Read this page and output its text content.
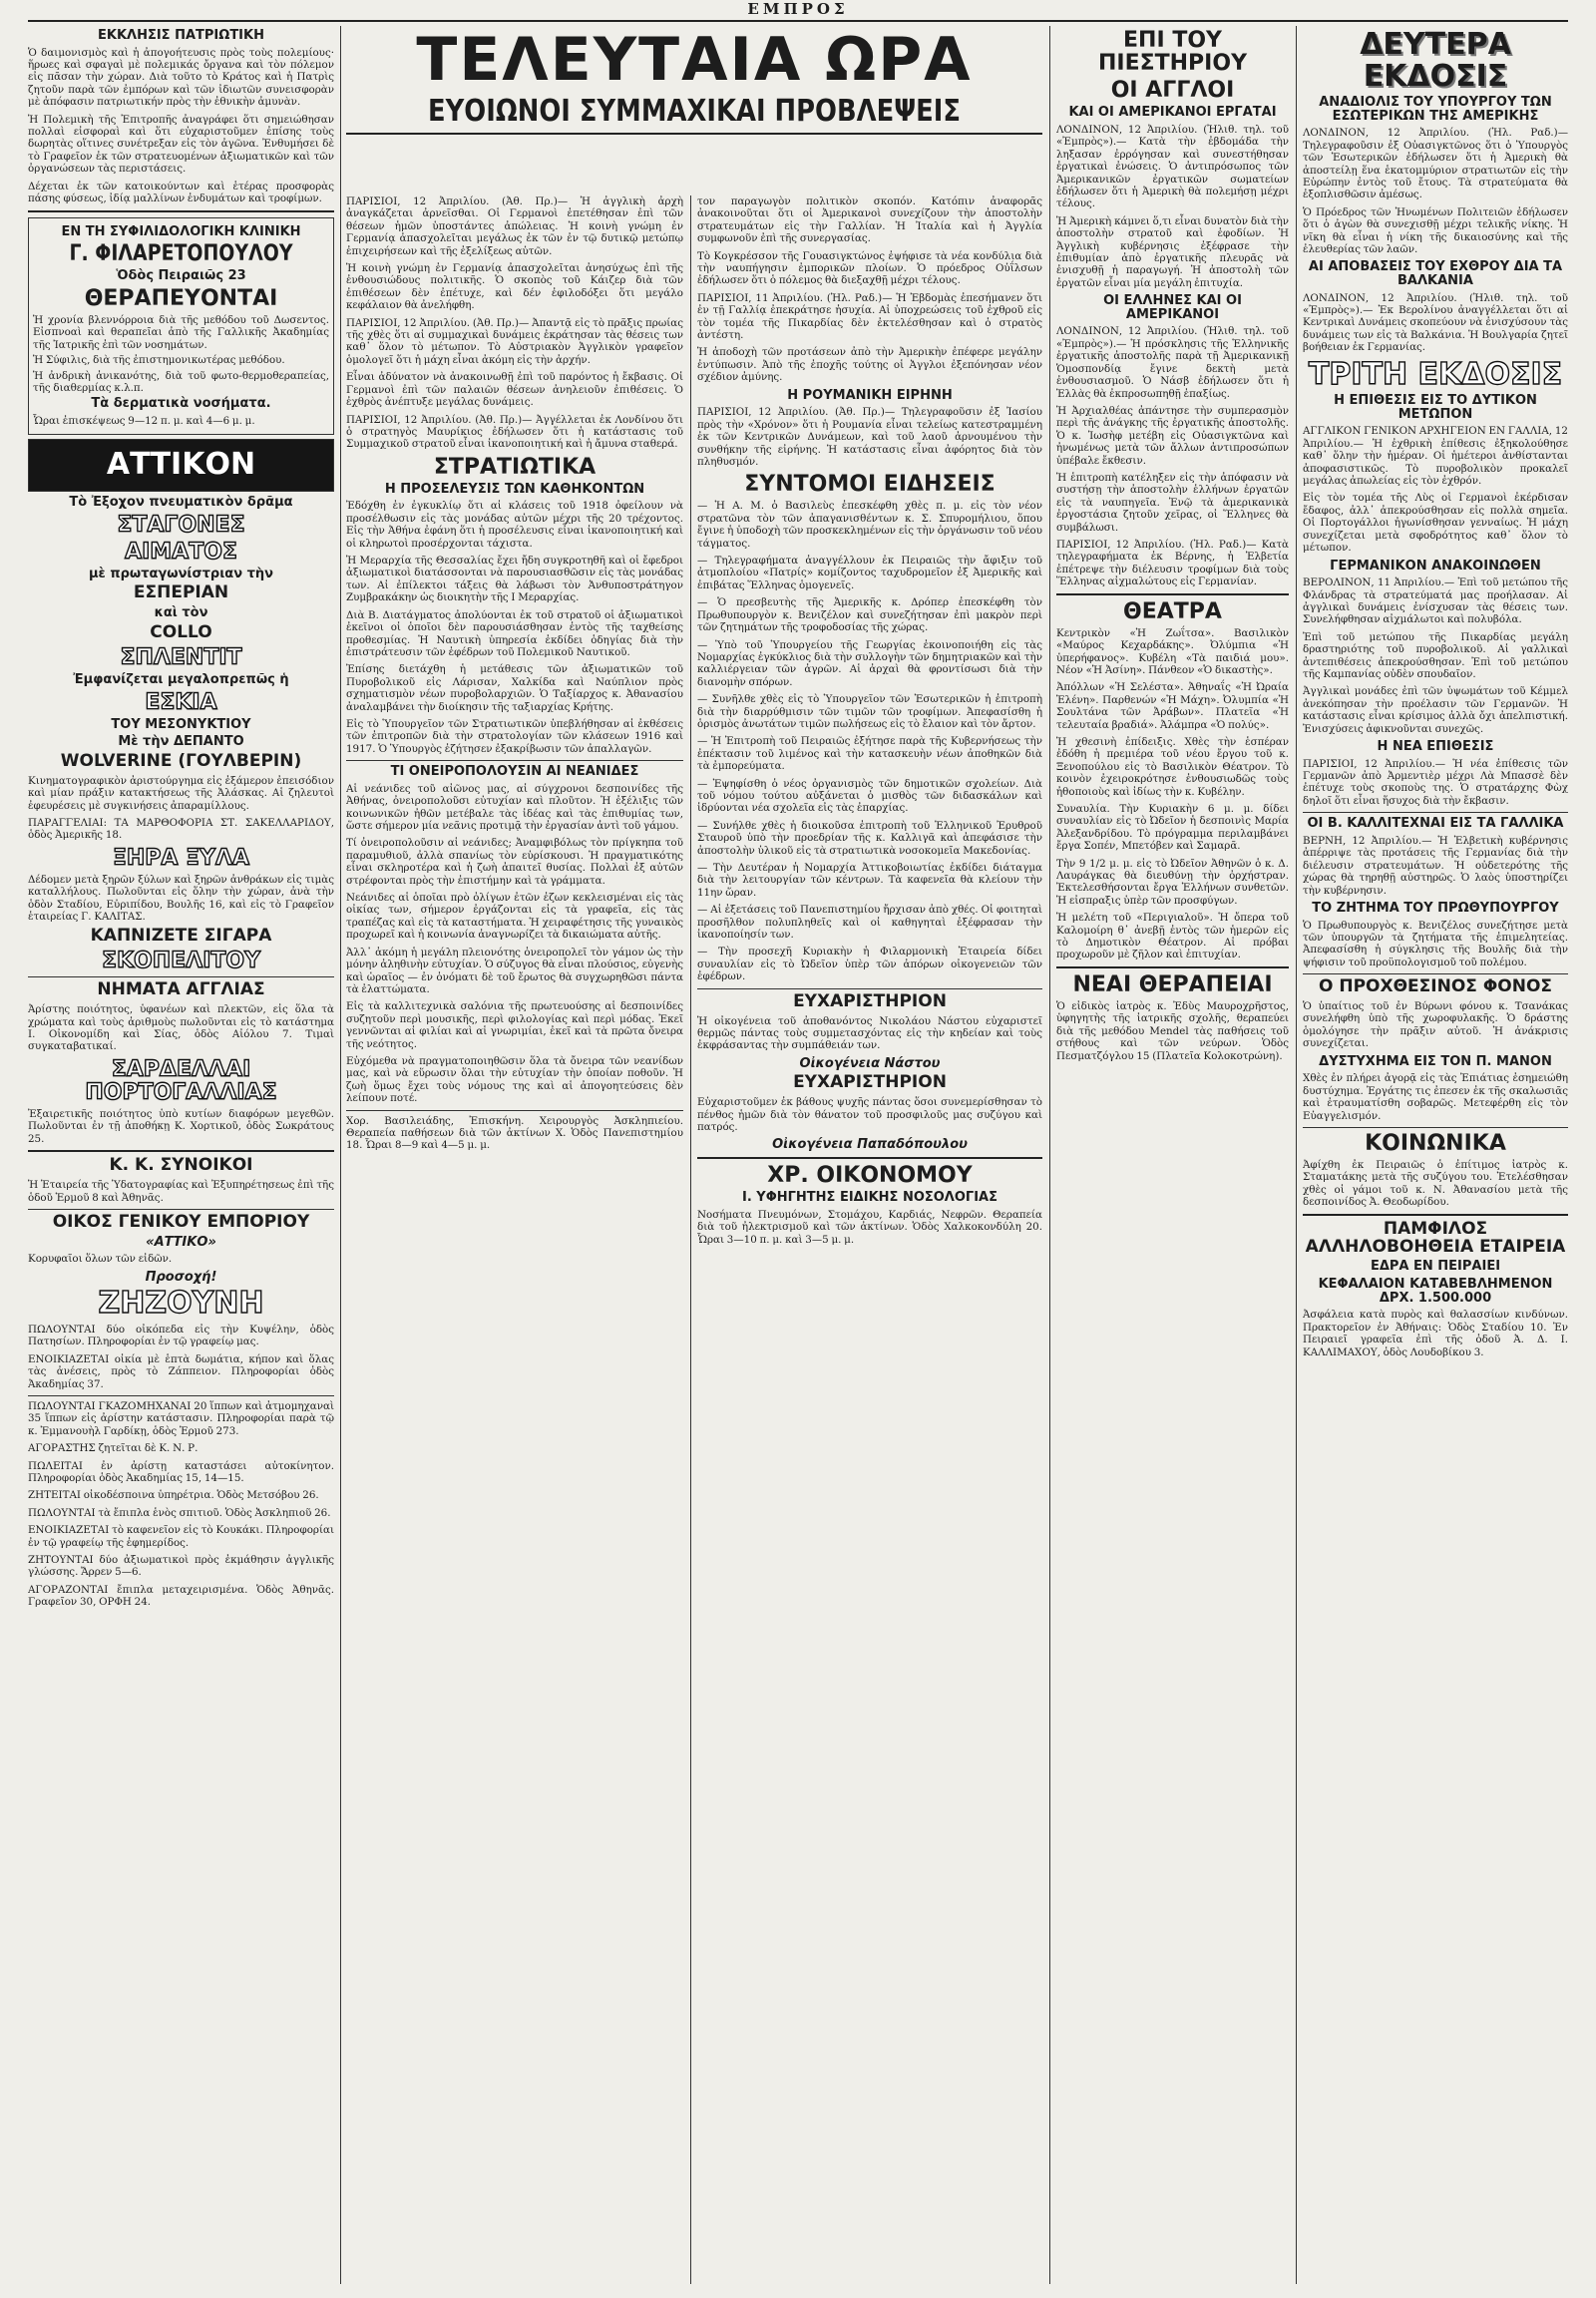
ΕΜΠΡΟΣ
ΕΚΚΛΗΣΙΣ ΠΑΤΡΙΩΤΙΚΗ

Ὁ δαιμονισμὸς καὶ ἡ ἀπογοήτευσις πρὸς τοὺς πολεμίους· ἥρωες καὶ σφαγαὶ μὲ πολεμικάς ὄργανα καὶ τὸν πόλεμον εἰς πᾶσαν τὴν χώραν. Διὰ τοῦτο τὸ Κράτος καὶ ἡ Πατρὶς ζητοῦν παρὰ τῶν ἐμπόρων καὶ τῶν ἰδιωτῶν συνεισφορὰν μὲ ἀπόφασιν πατριωτικήν πρὸς τὴν ἐθνικὴν ἀμυνὰν.

Ἡ Πολεμικὴ τῆς Ἐπιτροπῆς ἀναγράφει ὅτι σημειώθησαν πολλαὶ εἰσφοραὶ καὶ ὅτι εὐχαριστοῦμεν ἐπίσης τοὺς δωρητὰς οἵτινες συνέτρεξαν εἰς τὸν ἀγῶνα. Ἐνθυμήσει δὲ τὸ Γραφεῖον ἐκ τῶν στρατευομένων ἀξιωματικῶν καὶ τῶν ὀργανώσεων τὰς περιστάσεις.

Δέχεται ἐκ τῶν κατοικούντων καὶ ἑτέρας προσφορὰς πάσης φύσεως, ἰδίᾳ μαλλίνων ἐνδυμάτων καὶ τροφίμων.

ΕΝ ΤΗ ΣΥΦΙΛΙΔΟΛΟΓΙΚΗ ΚΛΙΝΙΚΗ
Γ. ΦΙΛΑΡΕΤΟΠΟΥΛΟΥ
Ὁδὸς Πειραιῶς 23
ΘΕΡΑΠΕΥΟΝΤΑΙ

Ἡ χρονία βλεννόρροια διὰ τῆς μεθόδου τοῦ Δωσεντος. Εἰσπνοαὶ καὶ θεραπεῖαι ἀπὸ τῆς Γαλλικῆς Ἀκαδημίας τῆς Ἰατρικῆς ἐπὶ τῶν νοσημάτων.

Ἡ Σύφιλις, διὰ τῆς ἐπιστημονικωτέρας μεθόδου.

Ἡ ἀνδρικὴ ἀνικανότης, διὰ τοῦ φωτο-θερμοθεραπείας, τῆς διαθερμίας κ.λ.π.

Τὰ δερματικὰ νοσήματα.

Ὧραι ἐπισκέψεως 9—12 π. μ. καὶ 4—6 μ. μ.

ΑΤΤΙΚΟΝ
Τὸ Ἐξοχον πνευματικὸν δρᾶμα
ΣΤΑΓΟΝΕΣ
ΑΙΜΑΤΟΣ
μὲ πρωταγωνίστριαν τὴν
ΕΣΠΕΡΙΑΝ
καὶ τὸν
COLLO
ΣΠΛΕΝΤΙΤ
Ἐμφανίζεται μεγαλοπρεπῶς ἡ
ΕΣΚΙΑ
ΤΟΥ ΜΕΣΟΝΥΚΤΙΟΥ
Μὲ τὴν ΔΕΠΑΝΤΟ
WOLVERINE (ΓΟΥΛΒΕΡΙΝ)

Κινηματογραφικὸν ἀριστούργημα εἰς ἐξάμερον ἐπεισόδιον καὶ μίαν πράξιν κατακτήσεως τῆς Ἀλάσκας. Αἱ ζηλευτοὶ ἐφευρέσεις μὲ συγκινήσεις ἀπαραμίλλους.

ΠΑΡΑΓΓΕΛΙΑΙ: ΤΑ ΜΑΡΘΟΦΟΡΙΑ ΣΤ. ΣΑΚΕΛΛΑΡΙΔΟΥ, ὁδὸς Ἀμερικῆς 18.

ΞΗΡΑ ΞΥΛΑ

Δέδομεν μετὰ ξηρῶν ξύλων καὶ ξηρῶν ἀνθράκων εἰς τιμὰς καταλλήλους. Πωλοῦνται εἰς ὅλην τὴν χώραν, ἀνὰ τὴν ὁδὸν Σταδίου, Εὐριπίδου, Βουλῆς 16, καὶ εἰς τὸ Γραφεῖον ἑταιρείας Γ. ΚΑΛΙΤΑΣ.

ΚΑΠΝΙΖΕΤΕ ΣΙΓΑΡΑ
ΣΚΟΠΕΛΙΤΟΥ
ΝΗΜΑΤΑ ΑΓΓΛΙΑΣ

Ἀρίστης ποιότητος, ὑφανέων καὶ πλεκτῶν, εἰς ὅλα τὰ χρώματα καὶ τοὺς ἀριθμοὺς πωλοῦνται εἰς τὸ κατάστημα Ι. Οἰκονομίδη καὶ Σίας, ὁδὸς Αἰόλου 7. Τιμαὶ συγκαταβατικαί.

ΣΑΡΔΕΛΛΑΙ ΠΟΡΤΟΓΑΛΛΙΑΣ

Ἐξαιρετικῆς ποιότητος ὑπὸ κυτίων διαφόρων μεγεθῶν. Πωλοῦνται ἐν τῇ ἀποθήκῃ Κ. Χορτικοῦ, ὁδὸς Σωκράτους 25.

Κ. Κ. ΣΥΝΟΙΚΟΙ

Ἡ Ἑταιρεία τῆς Ὑδατογραφίας καὶ Ἐξυπηρέτησεως ἐπὶ τῆς ὁδοῦ Ἑρμοῦ 8 καὶ Ἀθηνᾶς.

ΟΙΚΟΣ ΓΕΝΙΚΟΥ ΕΜΠΟΡΙΟΥ
«ΑΤΤΙΚΟ»

Κορυφαῖοι ὅλων τῶν εἰδῶν.

Προσοχή!
ΖΗΖΟΥΝΗ

ΠΩΛΟΥΝΤΑΙ δύο οἰκόπεδα εἰς τὴν Κυψέλην, ὁδὸς Πατησίων. Πληροφορίαι ἐν τῷ γραφείῳ μας.

ΕΝΟΙΚΙΑΖΕΤΑΙ οἰκία μὲ ἑπτὰ δωμάτια, κήπον καὶ ὅλας τὰς ἀνέσεις, πρὸς τὸ Ζάππειον. Πληροφορίαι ὁδὸς Ἀκαδημίας 37.

ΠΩΛΟΥΝΤΑΙ ΓΚΑΖΟΜΗΧΑΝΑΙ 20 ἵππων καὶ ἀτμομηχαναὶ 35 ἵππων εἰς ἀρίστην κατάστασιν. Πληροφορίαι παρὰ τῷ κ. Ἐμμανουὴλ Γαρδίκῃ, ὁδὸς Ἑρμοῦ 273.

ΑΓΟΡΑΣΤΗΣ ζητεῖται δὲ Κ. Ν. Ρ.

ΠΩΛΕΙΤΑΙ ἐν ἀρίστῃ καταστάσει αὐτοκίνητον. Πληροφορίαι ὁδὸς Ἀκαδημίας 15, 14—15.

ΖΗΤΕΙΤΑΙ οἰκοδέσποινα ὑπηρέτρια. Ὁδὸς Μετσόβου 26.

ΠΩΛΟΥΝΤΑΙ τὰ ἔπιπλα ἑνὸς σπιτιοῦ. Ὁδὸς Ἀσκληπιοῦ 26.

ΕΝΟΙΚΙΑΖΕΤΑΙ τὸ καφενεῖον εἰς τὸ Κουκάκι. Πληροφορίαι ἐν τῷ γραφείῳ τῆς ἐφημερίδος.

ΖΗΤΟΥΝΤΑΙ δύο ἀξιωματικοὶ πρὸς ἐκμάθησιν ἀγγλικῆς γλώσσης. Ἄρρεν 5—6.

ΑΓΟΡΑΖΟΝΤΑΙ ἔπιπλα μεταχειρισμένα. Ὁδὸς Ἀθηνᾶς. Γραφεῖον 30, ΟΡΦΗ 24.

ΤΕΛΕΥΤΑΙΑ ΩΡΑ
ΕΥΟΙΩΝΟΙ ΣΥΜΜΑΧΙΚΑΙ ΠΡΟΒΛΕΨΕΙΣ

ΠΑΡΙΣΙΟΙ, 12 Ἀπριλίου. (Ἀθ. Πρ.)— Ἡ ἀγγλικὴ ἀρχὴ ἀναγκάζεται ἀρνεῖσθαι. Οἱ Γερμανοὶ ἐπετέθησαν ἐπὶ τῶν θέσεων ἡμῶν ὑποστάντες ἀπώλειας. Ἡ κοινὴ γνώμη ἐν Γερμανίᾳ ἀπασχολεῖται μεγάλως ἐκ τῶν ἐν τῷ δυτικῷ μετώπῳ ἐπιχειρήσεων καὶ τῆς ἐξελίξεως αὐτῶν.

Ἡ κοινὴ γνώμη ἐν Γερμανίᾳ ἀπασχολεῖται ἀνησύχως ἐπὶ τῆς ἐνθουσιώδους πολιτικῆς. Ὁ σκοπὸς τοῦ Κάιζερ διὰ τῶν ἐπιθέσεων δὲν ἐπέτυχε, καὶ δέν ἐφιλοδόξει ὅτι μεγάλο κεφάλαιον θὰ ἀνελήφθη.

ΠΑΡΙΣΙΟΙ, 12 Ἀπριλίου. (Ἀθ. Πρ.)— Ἀπαντᾷ εἰς τὸ πρᾶξις πρωίας τῆς χθὲς ὅτι αἱ συμμαχικαὶ δυνάμεις ἐκράτησαν τὰς θέσεις των καθ᾽ ὅλον τὸ μέτωπον. Τὸ Αὐστριακὸν Ἀγγλικὸν γραφεῖον ὁμολογεῖ ὅτι ἡ μάχη εἶναι ἀκόμη εἰς τὴν ἀρχήν.

Εἶναι ἀδύνατον νὰ ἀνακοινωθῇ ἐπὶ τοῦ παρόντος ἡ ἔκβασις. Οἱ Γερμανοὶ ἐπὶ τῶν παλαιῶν θέσεων ἀνηλειοῦν ἐπιθέσεις. Ὁ ἐχθρὸς ἀνέπτυξε μεγάλας δυνάμεις.

ΠΑΡΙΣΙΟΙ, 12 Ἀπριλίου. (Ἀθ. Πρ.)— Ἀγγέλλεται ἐκ Λονδίνου ὅτι ὁ στρατηγὸς Μαυρίκιος ἐδήλωσεν ὅτι ἡ κατάστασις τοῦ Συμμαχικοῦ στρατοῦ εἶναι ἱκανοποιητική καὶ ἡ ἄμυνα σταθερά.

ΣΤΡΑΤΙΩΤΙΚΑ
Η ΠΡΟΣΕΛΕΥΣΙΣ ΤΩΝ ΚΑΘΗΚΟΝΤΩΝ

Ἐδόχθη ἐν ἐγκυκλίῳ ὅτι αἱ κλάσεις τοῦ 1918 ὀφείλουν νὰ προσέλθωσιν εἰς τὰς μονάδας αὐτῶν μέχρι τῆς 20 τρέχοντος. Εἰς τὴν Ἀθήνα ἐφάνη ὅτι ἡ προσέλευσις εἶναι ἱκανοποιητική καὶ οἱ κληρωτοὶ προσέρχονται τάχιστα.

Ἡ Μεραρχία τῆς Θεσσαλίας ἔχει ἤδη συγκροτηθῆ καὶ οἱ ἔφεδροι ἀξιωματικοὶ διατάσσονται νὰ παρουσιασθῶσιν εἰς τὰς μονάδας των. Αἱ ἐπίλεκτοι τάξεις θὰ λάβωσι τὸν Ἀνθυποστράτηγον Ζυμβρακάκην ὡς διοικητὴν τῆς Ι Μεραρχίας.

Διὰ Β. Διατάγματος ἀπολύονται ἐκ τοῦ στρατοῦ οἱ ἀξιωματικοὶ ἐκεῖνοι οἱ ὁποῖοι δὲν παρουσιάσθησαν ἐντὸς τῆς ταχθείσης προθεσμίας. Ἡ Ναυτικὴ ὑπηρεσία ἐκδίδει ὁδηγίας διὰ τὴν ἐπιστράτευσιν τῶν ἐφέδρων τοῦ Πολεμικοῦ Ναυτικοῦ.

Ἐπίσης διετάχθη ἡ μετάθεσις τῶν ἀξιωματικῶν τοῦ Πυροβολικοῦ εἰς Λάρισαν, Χαλκίδα καὶ Ναύπλιον πρὸς σχηματισμὸν νέων πυροβολαρχιῶν. Ὁ Ταξίαρχος κ. Ἀθανασίου ἀναλαμβάνει τὴν διοίκησιν τῆς ταξιαρχίας Κρήτης.

Εἰς τὸ Ὑπουργεῖον τῶν Στρατιωτικῶν ὑπεβλήθησαν αἱ ἐκθέσεις τῶν ἐπιτροπῶν διὰ τὴν στρατολογίαν τῶν κλάσεων 1916 καὶ 1917. Ὁ Ὑπουργὸς ἐζήτησεν ἐξακρίβωσιν τῶν ἀπαλλαγῶν.

ΤΙ ΟΝΕΙΡΟΠΟΛΟΥΣΙΝ ΑΙ ΝΕΑΝΙΔΕΣ

Αἱ νεάνιδες τοῦ αἰῶνος μας, αἱ σύγχρονοι δεσποινίδες τῆς Ἀθήνας, ὀνειροπολοῦσι εὐτυχίαν καὶ πλοῦτον. Ἡ ἐξέλιξις τῶν κοινωνικῶν ἠθῶν μετέβαλε τὰς ἰδέας καὶ τὰς ἐπιθυμίας των, ὥστε σήμερον μία νεᾶνις προτιμᾷ τὴν ἐργασίαν ἀντὶ τοῦ γάμου.

Τί ὀνειροπολοῦσιν αἱ νεάνιδες; Ἀναμφιβόλως τὸν πρίγκηπα τοῦ παραμυθιοῦ, ἀλλὰ σπανίως τὸν εὑρίσκουσι. Ἡ πραγματικότης εἶναι σκληροτέρα καὶ ἡ ζωὴ ἀπαιτεῖ θυσίας. Πολλαὶ ἐξ αὐτῶν στρέφονται πρὸς τὴν ἐπιστήμην καὶ τὰ γράμματα.

Νεάνιδες αἱ ὁποῖαι πρὸ ὀλίγων ἐτῶν ἐζων κεκλεισμέναι εἰς τὰς οἰκίας των, σήμερον ἐργάζονται εἰς τὰ γραφεῖα, εἰς τὰς τραπέζας καὶ εἰς τὰ καταστήματα. Ἡ χειραφέτησις τῆς γυναικὸς προχωρεῖ καὶ ἡ κοινωνία ἀναγνωρίζει τὰ δικαιώματα αὐτῆς.

Ἀλλ᾽ ἀκόμη ἡ μεγάλη πλειονότης ὀνειροπολεῖ τὸν γάμον ὡς τὴν μόνην ἀληθινὴν εὐτυχίαν. Ὁ σύζυγος θὰ εἶναι πλούσιος, εὐγενὴς καὶ ὡραῖος — ἐν ὀνόματι δὲ τοῦ ἔρωτος θὰ συγχωρηθῶσι πάντα τὰ ἐλαττώματα.

Εἰς τὰ καλλιτεχνικὰ σαλόνια τῆς πρωτευούσης αἱ δεσποινίδες συζητοῦν περὶ μουσικῆς, περὶ φιλολογίας καὶ περὶ μόδας. Ἐκεῖ γεννῶνται αἱ φιλίαι καὶ αἱ γνωριμίαι, ἐκεῖ καὶ τὰ πρῶτα ὄνειρα τῆς νεότητος.

Εὐχόμεθα νὰ πραγματοποιηθῶσιν ὅλα τὰ ὄνειρα τῶν νεανίδων μας, καὶ νὰ εὕρωσιν ὅλαι τὴν εὐτυχίαν τὴν ὁποίαν ποθοῦν. Ἡ ζωὴ ὅμως ἔχει τοὺς νόμους της καὶ αἱ ἀπογοητεύσεις δὲν λείπουν ποτέ.

Χορ. Βασιλειάδης, Ἐπισκήνη. Χειρουργὸς Ἀσκληπιείου. Θεραπεία παθήσεων διὰ τῶν ἀκτίνων Χ. Ὁδὸς Πανεπιστημίου 18. Ὧραι 8—9 καὶ 4—5 μ. μ.

τον παραγωγὸν πολιτικὸν σκοπόν. Κατόπιν ἀναφορᾶς ἀνακοινοῦται ὅτι οἱ Ἀμερικανοὶ συνεχίζουν τὴν ἀποστολὴν στρατευμάτων εἰς τὴν Γαλλίαν. Ἡ Ἰταλία καὶ ἡ Ἀγγλία συμφωνοῦν ἐπὶ τῆς συνεργασίας.

Τὸ Κογκρέσσον τῆς Γουασιγκτώνος ἐψήφισε τὰ νέα κονδύλια διὰ τὴν ναυπήγησιν ἐμπορικῶν πλοίων. Ὁ πρόεδρος Οὐΐλσων ἐδήλωσεν ὅτι ὁ πόλεμος θὰ διεξαχθῇ μέχρι τέλους.

ΠΑΡΙΣΙΟΙ, 11 Ἀπριλίου. (Ἠλ. Ραδ.)— Ἡ Ἐβδομὰς ἐπεσήμανεν ὅτι ἐν τῇ Γαλλίᾳ ἐπεκράτησε ἠσυχία. Αἱ ὑποχρεώσεις τοῦ ἐχθροῦ εἰς τὸν τομέα τῆς Πικαρδίας δὲν ἐκτελέσθησαν καὶ ὁ στρατὸς ἀντέστη.

Ἡ ἀποδοχὴ τῶν προτάσεων ἀπὸ τὴν Ἀμερικὴν ἐπέφερε μεγάλην ἐντύπωσιν. Ἀπὸ τῆς ἐποχῆς τούτης οἱ Ἀγγλοι ἐξεπόνησαν νέον σχέδιον ἀμύνης.

Η ΡΟΥΜΑΝΙΚΗ ΕΙΡΗΝΗ

ΠΑΡΙΣΙΟΙ, 12 Ἀπριλίου. (Ἀθ. Πρ.)— Τηλεγραφοῦσιν ἐξ Ἰασίου πρὸς τὴν «Χρόνον» ὅτι ἡ Ρουμανία εἶναι τελείως κατεστραμμένη ἐκ τῶν Κεντρικῶν Δυνάμεων, καὶ τοῦ λαοῦ ἀρνουμένου τὴν συνθήκην τῆς εἰρήνης. Ἡ κατάστασις εἶναι ἀφόρητος διὰ τὸν πληθυσμόν.

ΣΥΝΤΟΜΟΙ ΕΙΔΗΣΕΙΣ

— Ἡ Α. Μ. ὁ Βασιλεὺς ἐπεσκέφθη χθὲς π. μ. εἰς τὸν νέον στρατῶνα τὸν τῶν ἀπαγανισθέντων κ. Σ. Σπυρομήλιου, ὅπου ἔγινε ἡ ὑποδοχὴ τῶν προσκεκλημένων εἰς τὴν ὀργάνωσιν τοῦ νέου τάγματος.

— Τηλεγραφήματα ἀναγγέλλουν ἐκ Πειραιῶς τὴν ἄφιξιν τοῦ ἀτμοπλοίου «Πατρίς» κομίζοντος ταχυδρομεῖον ἐξ Ἀμερικῆς καὶ ἐπιβάτας Ἕλληνας ὁμογενεῖς.

— Ὁ πρεσβευτὴς τῆς Ἀμερικῆς κ. Δρόπερ ἐπεσκέφθη τὸν Πρωθυπουργὸν κ. Βενιζέλον καὶ συνεζήτησαν ἐπὶ μακρὸν περὶ τῶν ζητημάτων τῆς τροφοδοσίας τῆς χώρας.

— Ὑπὸ τοῦ Ὑπουργείου τῆς Γεωργίας ἐκοινοποιήθη εἰς τὰς Νομαρχίας ἐγκύκλιος διὰ τὴν συλλογὴν τῶν δημητριακῶν καὶ τὴν καλλιέργειαν τῶν ἀγρῶν. Αἱ ἀρχαὶ θὰ φροντίσωσι διὰ τὴν διανομὴν σπόρων.

— Συνῆλθε χθὲς εἰς τὸ Ὑπουργεῖον τῶν Ἐσωτερικῶν ἡ ἐπιτροπὴ διὰ τὴν διαρρύθμισιν τῶν τιμῶν τῶν τροφίμων. Ἀπεφασίσθη ἡ ὁρισμὸς ἀνωτάτων τιμῶν πωλήσεως εἰς τὸ ἔλαιον καὶ τὸν ἄρτον.

— Ἡ Ἐπιτροπὴ τοῦ Πειραιῶς ἐξήτησε παρὰ τῆς Κυβερνήσεως τὴν ἐπέκτασιν τοῦ λιμένος καὶ τὴν κατασκευὴν νέων ἀποθηκῶν διὰ τὰ ἐμπορεύματα.

— Ἐψηφίσθη ὁ νέος ὀργανισμὸς τῶν δημοτικῶν σχολείων. Διὰ τοῦ νόμου τούτου αὐξάνεται ὁ μισθὸς τῶν διδασκάλων καὶ ἱδρύονται νέα σχολεῖα εἰς τὰς ἐπαρχίας.

— Συνήλθε χθὲς ἡ διοικοῦσα ἐπιτροπὴ τοῦ Ἑλληνικοῦ Ἐρυθροῦ Σταυροῦ ὑπὸ τὴν προεδρίαν τῆς κ. Καλλιγᾶ καὶ ἀπεφάσισε τὴν ἀποστολὴν ὑλικοῦ εἰς τὰ στρατιωτικὰ νοσοκομεῖα Μακεδονίας.

— Τὴν Δευτέραν ἡ Νομαρχία Ἀττικοβοιωτίας ἐκδίδει διάταγμα διὰ τὴν λειτουργίαν τῶν κέντρων. Τὰ καφενεῖα θὰ κλείουν τὴν 11ην ὥραν.

— Αἱ ἐξετάσεις τοῦ Πανεπιστημίου ἤρχισαν ἀπὸ χθές. Οἱ φοιτηταὶ προσῆλθον πολυπληθεῖς καὶ οἱ καθηγηταὶ ἐξέφρασαν τὴν ἱκανοποίησίν των.

— Τὴν προσεχῆ Κυριακὴν ἡ Φιλαρμονικὴ Ἑταιρεία δίδει συναυλίαν εἰς τὸ Ὠδεῖον ὑπὲρ τῶν ἀπόρων οἰκογενειῶν τῶν ἐφέδρων.

ΕΥΧΑΡΙΣΤΗΡΙΟΝ

Ἡ οἰκογένεια τοῦ ἀποθανόντος Νικολάου Νάστου εὐχαριστεῖ θερμῶς πάντας τοὺς συμμετασχόντας εἰς τὴν κηδείαν καὶ τοὺς ἐκφράσαντας τὴν συμπάθειάν των.

Οἰκογένεια Νάστου
ΕΥΧΑΡΙΣΤΗΡΙΟΝ

Εὐχαριστοῦμεν ἐκ βάθους ψυχῆς πάντας ὅσοι συνεμερίσθησαν τὸ πένθος ἡμῶν διὰ τὸν θάνατον τοῦ προσφιλοῦς μας συζύγου καὶ πατρός.

Οἰκογένεια Παπαδόπουλου
ΧΡ. ΟΙΚΟΝΟΜΟΥ
Ι. ΥΦΗΓΗΤΗΣ ΕΙΔΙΚΗΣ ΝΟΣΟΛΟΓΙΑΣ

Νοσήματα Πνευμόνων, Στομάχου, Καρδιάς, Νεφρῶν. Θεραπεία διὰ τοῦ ἠλεκτρισμοῦ καὶ τῶν ἀκτίνων. Ὁδὸς Χαλκοκονδύλη 20. Ὧραι 3—10 π. μ. καὶ 3—5 μ. μ.

ΕΠΙ ΤΟΥ ΠΙΕΣΤΗΡΙΟΥ
ΟΙ ΑΓΓΛΟΙ
ΚΑΙ ΟΙ ΑΜΕΡΙΚΑΝΟΙ ΕΡΓΑΤΑΙ

ΛΟΝΔΙΝΟΝ, 12 Ἀπριλίου. (Ἠλιθ. τηλ. τοῦ «Ἐμπρὸς»).— Κατὰ τὴν ἐβδομάδα τὴν ληξασαν ἐρρόγησαν καὶ συνεστήθησαν ἐργατικαὶ ἐνώσεις. Ὁ ἀντιπρόσωπος τῶν Ἀμερικανικῶν ἐργατικῶν σωματείων ἐδήλωσεν ὅτι ἡ Ἀμερικὴ θὰ πολεμήσῃ μέχρι τέλους.

Ἡ Ἀμερικὴ κάμνει ὅ,τι εἶναι δυνατὸν διὰ τὴν ἀποστολὴν στρατοῦ καὶ ἐφοδίων. Ἡ Ἀγγλικὴ κυβέρνησις ἐξέφρασε τὴν ἐπιθυμίαν ἀπὸ ἐργατικῆς πλευρᾶς νὰ ἐνισχυθῇ ἡ παραγωγή. Ἡ ἀποστολὴ τῶν ἐργατῶν εἶναι μία μεγάλη ἐπιτυχία.

ΟΙ ΕΛΛΗΝΕΣ ΚΑΙ ΟΙ ΑΜΕΡΙΚΑΝΟΙ

ΛΟΝΔΙΝΟΝ, 12 Ἀπριλίου. (Ἠλιθ. τηλ. τοῦ «Ἐμπρὸς»).— Ἡ πρόσκλησις τῆς Ἑλληνικῆς ἐργατικῆς ἀποστολῆς παρὰ τῇ Ἀμερικανικῇ Ὁμοσπονδίᾳ ἔγινε δεκτὴ μετὰ ἐνθουσιασμοῦ. Ὁ Νάσβ ἐδήλωσεν ὅτι ἡ Ἑλλὰς θὰ ἐκπροσωπηθῇ ἐπαξίως.

Ἡ Ἀρχιαλθέας ἀπάντησε τὴν συμπερασμὸν περὶ τῆς ἀνάγκης τῆς ἐργατικῆς ἀποστολῆς. Ὁ κ. Ἰωσὴφ μετέβη εἰς Οὐασιγκτῶνα καὶ ἠνωμένως μετὰ τῶν ἄλλων ἀντιπροσώπων ὑπέβαλε ἔκθεσιν.

Ἡ ἑπιτροπὴ κατέληξεν εἰς τὴν ἀπόφασιν νὰ συστήσῃ τὴν ἀποστολὴν ἑλλήνων ἐργατῶν εἰς τὰ ναυπηγεῖα. Ἐνῷ τὰ ἀμερικανικὰ ἐργοστάσια ζητοῦν χεῖρας, οἱ Ἕλληνες θὰ συμβάλωσι.

ΠΑΡΙΣΙΟΙ, 12 Ἀπριλίου. (Ἠλ. Ραδ.)— Κατὰ τηλεγραφήματα ἐκ Βέρνης, ἡ Ἑλβετία ἐπέτρεψε τὴν διέλευσιν τροφίμων διὰ τοὺς Ἕλληνας αἰχμαλώτους εἰς Γερμανίαν.

ΘΕΑΤΡΑ

Κεντρικὸν «Ἡ Ζωΐτσα». Βασιλικὸν «Μαύρος Κεχαρδάκης». Ὀλύμπια «Ἡ ὑπερήφανος». Κυβέλη «Τὰ παιδιά μου». Νέον «Ἡ Ἀσίνη». Πάνθεον «Ὁ δικαστὴς».

Ἀπόλλων «Ἡ Σελέστα». Ἀθηναΐς «Ἡ Ὠραία Ἑλένη». Παρθενών «Ἡ Μάχη». Ὀλυμπία «Ἡ Σουλτάνα τῶν Ἀράβων». Πλατεῖα «Ἡ τελευταία βραδιά». Ἀλάμπρα «Ὁ πολύς».

Ἡ χθεσινὴ ἐπίδειξις. Χθὲς τὴν ἑσπέραν ἐδόθη ἡ πρεμιέρα τοῦ νέου ἔργου τοῦ κ. Ξενοπούλου εἰς τὸ Βασιλικὸν Θέατρον. Τὸ κοινὸν ἐχειροκρότησε ἐνθουσιωδῶς τοὺς ἠθοποιοὺς καὶ ἰδίως τὴν κ. Κυβέλην.

Συναυλία. Τὴν Κυριακὴν 6 μ. μ. δίδει συναυλίαν εἰς τὸ Ὠδεῖον ἡ δεσποινὶς Μαρία Ἀλεξανδρίδου. Τὸ πρόγραμμα περιλαμβάνει ἔργα Σοπέν, Μπετόβεν καὶ Σαμαρᾶ.

Τὴν 9 1/2 μ. μ. εἰς τὸ Ὠδεῖον Ἀθηνῶν ὁ κ. Δ. Λαυράγκας θὰ διευθύνῃ τὴν ὀρχήστραν. Ἐκτελεσθήσονται ἔργα Ἑλλήνων συνθετῶν. Ἡ εἰσπραξις ὑπὲρ τῶν προσφύγων.

Ἡ μελέτη τοῦ «Περιγιαλοῦ». Ἡ ὄπερα τοῦ Καλομοίρη θ᾽ ἀνεβῇ ἐντὸς τῶν ἡμερῶν εἰς τὸ Δημοτικὸν Θέατρον. Αἱ πρόβαι προχωροῦν μὲ ζῆλον καὶ ἐπιτυχίαν.

ΝΕΑΙ ΘΕΡΑΠΕΙΑΙ

Ὁ εἰδικὸς ἰατρὸς κ. Ἐδὺς Μαυροχρῆστος, ὑφηγητὴς τῆς ἰατρικῆς σχολῆς, θεραπεύει διὰ τῆς μεθόδου Mendel τὰς παθήσεις τοῦ στήθους καὶ τῶν νεύρων. Ὁδὸς Πεσματζόγλου 15 (Πλατεῖα Κολοκοτρώνη).

ΔΕΥΤΕΡΑ ΕΚΔΟΣΙΣ
ΑΝΑΔΙΟΛΙΣ ΤΟΥ ΥΠΟΥΡΓΟΥ ΤΩΝ ΕΣΩΤΕΡΙΚΩΝ ΤΗΣ ΑΜΕΡΙΚΗΣ

ΛΟΝΔΙΝΟΝ, 12 Ἀπριλίου. (Ἠλ. Ραδ.)— Τηλεγραφοῦσιν ἐξ Οὐασιγκτῶνος ὅτι ὁ Ὑπουργὸς τῶν Ἐσωτερικῶν ἐδήλωσεν ὅτι ἡ Ἀμερικὴ θὰ ἀποστείλῃ ἕνα ἑκατομμύριον στρατιωτῶν εἰς τὴν Εὐρώπην ἐντὸς τοῦ ἔτους. Τὰ στρατεύματα θὰ ἐξοπλισθῶσιν ἀμέσως.

Ὁ Πρόεδρος τῶν Ἡνωμένων Πολιτειῶν ἐδήλωσεν ὅτι ὁ ἀγὼν θὰ συνεχισθῇ μέχρι τελικῆς νίκης. Ἡ νῖκη θὰ εἶναι ἡ νίκη τῆς δικαιοσύνης καὶ τῆς ἐλευθερίας τῶν λαῶν.

ΑΙ ΑΠΟΒΑΣΕΙΣ ΤΟΥ ΕΧΘΡΟΥ ΔΙΑ ΤΑ ΒΑΛΚΑΝΙΑ

ΛΟΝΔΙΝΟΝ, 12 Ἀπριλίου. (Ἠλιθ. τηλ. τοῦ «Ἐμπρὸς»).— Ἐκ Βερολίνου ἀναγγέλλεται ὅτι αἱ Κεντρικαὶ Δυνάμεις σκοπεύουν νὰ ἐνισχύσουν τὰς δυνάμεις των εἰς τὰ Βαλκάνια. Ἡ Βουλγαρία ζητεῖ βοήθειαν ἐκ Γερμανίας.

ΤΡΙΤΗ ΕΚΔΟΣΙΣ
Η ΕΠΙΘΕΣΙΣ ΕΙΣ ΤΟ ΔΥΤΙΚΟΝ ΜΕΤΩΠΟΝ

ΑΓΓΛΙΚΟΝ ΓΕΝΙΚΟΝ ΑΡΧΗΓΕΙΟΝ ΕΝ ΓΑΛΛΙΑ, 12 Ἀπριλίου.— Ἡ ἐχθρικὴ ἐπίθεσις ἐξηκολούθησε καθ᾽ ὅλην τὴν ἡμέραν. Οἱ ἡμέτεροι ἀνθίστανται ἀποφασιστικῶς. Τὸ πυροβολικὸν προκαλεῖ μεγάλας ἀπωλείας εἰς τὸν ἐχθρόν.

Εἰς τὸν τομέα τῆς Λὺς οἱ Γερμανοὶ ἐκέρδισαν ἔδαφος, ἀλλ᾽ ἀπεκρούσθησαν εἰς πολλὰ σημεῖα. Οἱ Πορτογάλλοι ἠγωνίσθησαν γενναίως. Ἡ μάχη συνεχίζεται μετὰ σφοδρότητος καθ᾽ ὅλον τὸ μέτωπον.

ΓΕΡΜΑΝΙΚΟΝ ΑΝΑΚΟΙΝΩΘΕΝ

ΒΕΡΟΛΙΝΟΝ, 11 Ἀπριλίου.— Ἐπὶ τοῦ μετώπου τῆς Φλάνδρας τὰ στρατεύματά μας προήλασαν. Αἱ ἀγγλικαὶ δυνάμεις ἐνίσχυσαν τὰς θέσεις των. Συνελήφθησαν αἰχμάλωτοι καὶ πολυβόλα.

Ἐπὶ τοῦ μετώπου τῆς Πικαρδίας μεγάλη δραστηριότης τοῦ πυροβολικοῦ. Αἱ γαλλικαὶ ἀντεπιθέσεις ἀπεκρούσθησαν. Ἐπὶ τοῦ μετώπου τῆς Καμπανίας οὐδὲν σπουδαῖον.

Ἀγγλικαὶ μονάδες ἐπὶ τῶν ὑψωμάτων τοῦ Κέμμελ ἀνεκόπησαν τὴν προέλασιν τῶν Γερμανῶν. Ἡ κατάστασις εἶναι κρίσιμος ἀλλὰ ὄχι ἀπελπιστική. Ἐνισχύσεις ἀφικνοῦνται συνεχῶς.

Η ΝΕΑ ΕΠΙΘΕΣΙΣ

ΠΑΡΙΣΙΟΙ, 12 Ἀπριλίου.— Ἡ νέα ἐπίθεσις τῶν Γερμανῶν ἀπὸ Ἀρμεντιὲρ μέχρι Λὰ Μπασσὲ δὲν ἐπέτυχε τοὺς σκοποὺς της. Ὁ στρατάρχης Φὼχ δηλοῖ ὅτι εἶναι ἥσυχος διὰ τὴν ἔκβασιν.

ΟΙ Β. ΚΑΛΛΙΤΕΧΝΑΙ ΕΙΣ ΤΑ ΓΑΛΛΙΚΑ

ΒΕΡΝΗ, 12 Ἀπριλίου.— Ἡ Ἑλβετικὴ κυβέρνησις ἀπέρριψε τὰς προτάσεις τῆς Γερμανίας διὰ τὴν διέλευσιν στρατευμάτων. Ἡ οὐδετερότης τῆς χώρας θὰ τηρηθῇ αὐστηρῶς. Ὁ λαὸς ὑποστηρίζει τὴν κυβέρνησιν.

ΤΟ ΖΗΤΗΜΑ ΤΟΥ ΠΡΩΘΥΠΟΥΡΓΟΥ

Ὁ Πρωθυπουργὸς κ. Βενιζέλος συνεζήτησε μετὰ τῶν ὑπουργῶν τὰ ζητήματα τῆς ἐπιμελητείας. Ἀπεφασίσθη ἡ σύγκλησις τῆς Βουλῆς διὰ τὴν ψήφισιν τοῦ προϋπολογισμοῦ τοῦ πολέμου.

Ο ΠΡΟΧΘΕΣΙΝΟΣ ΦΟΝΟΣ

Ὁ ὑπαίτιος τοῦ ἐν Βύρωνι φόνου κ. Τσανάκας συνελήφθη ὑπὸ τῆς χωροφυλακῆς. Ὁ δράστης ὁμολόγησε τὴν πρᾶξιν αὐτοῦ. Ἡ ἀνάκρισις συνεχίζεται.

ΔΥΣΤΥΧΗΜΑ ΕΙΣ ΤΟΝ Π. ΜΑΝΟΝ

Χθὲς ἐν πλήρει ἀγορᾷ εἰς τὰς Ἐπιάτιας ἐσημειώθη δυστύχημα. Ἐργάτης τις ἐπεσεν ἐκ τῆς σκαλωσιᾶς καὶ ἐτραυματίσθη σοβαρῶς. Μετεφέρθη εἰς τὸν Εὐαγγελισμόν.

ΚΟΙΝΩΝΙΚΑ

Ἀφίχθη ἐκ Πειραιῶς ὁ ἐπίτιμος ἰατρὸς κ. Σταματάκης μετὰ τῆς συζύγου του. Ἐτελέσθησαν χθὲς οἱ γάμοι τοῦ κ. Ν. Ἀθανασίου μετὰ τῆς δεσποινίδος Ἀ. Θεοδωρίδου.

ΠΑΜΦΙΛΟΣ ΑΛΛΗΛΟΒΟΗΘΕΙΑ ΕΤΑΙΡΕΙΑ
ΕΔΡΑ ΕΝ ΠΕΙΡΑΙΕΙ
ΚΕΦΑΛΑΙΟΝ ΚΑΤΑΒΕΒΛΗΜΕΝΟΝ ΔΡΧ. 1.500.000

Ἀσφάλεια κατὰ πυρὸς καὶ θαλασσίων κινδύνων. Πρακτορεῖον ἐν Ἀθήναις: Ὁδὸς Σταδίου 10. Ἐν Πειραιεῖ γραφεῖα ἐπὶ τῆς ὁδοῦ Ἀ. Δ. Ι. ΚΑΛΛΙΜΑΧΟΥ, ὁδὸς Λουδοβίκου 3.
